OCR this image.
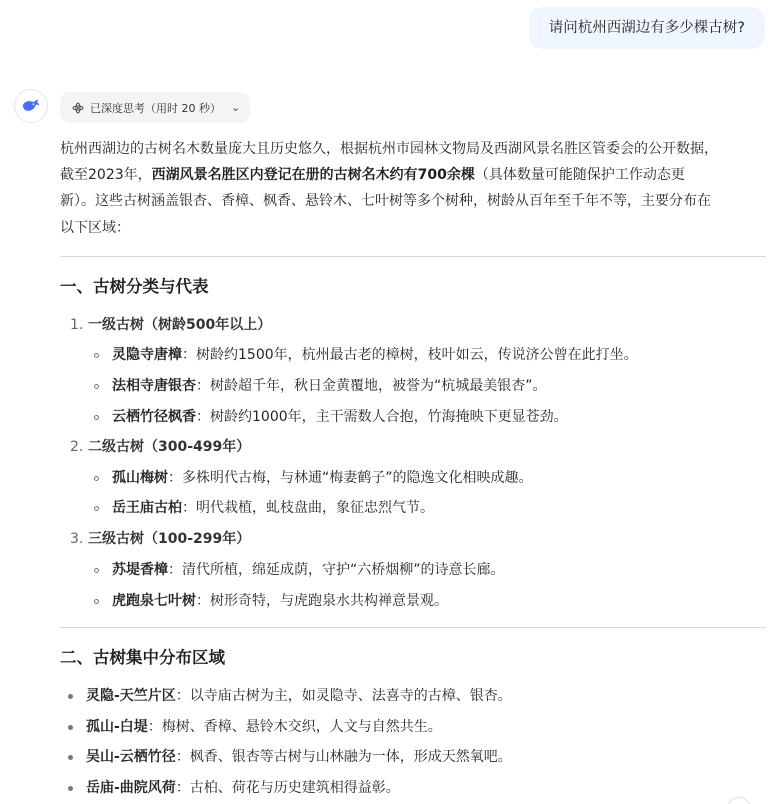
请问杭州西湖边有多少棵古树?
已深度思考（用时 20 秒） ⌄
杭州西湖边的古树名木数量庞大且历史悠久，根据杭州市园林文物局及西湖风景名胜区管委会的公开数据，
截至2023年，西湖风景名胜区内登记在册的古树名木约有700余棵（具体数量可能随保护工作动态更
新）。这些古树涵盖银杏、香樟、枫香、悬铃木、七叶树等多个树种，树龄从百年至千年不等，主要分布在
以下区域：
一、古树分类与代表
1. 一级古树（树龄500年以上）
灵隐寺唐樟 ：树龄约1500年，杭州最古老的樟树，枝叶如云，传说济公曾在此打坐。
法相寺唐银杏 ：树龄超千年，秋日金黄覆地，被誉为“杭城最美银杏”。
云栖竹径枫香 ：树龄约1000年，主干需数人合抱，竹海掩映下更显苍劲。
2. 二级古树（300-499年）
孤山梅树 ：多株明代古梅，与林逋“梅妻鹤子”的隐逸文化相映成趣。
岳王庙古柏 ：明代栽植，虬枝盘曲，象征忠烈气节。
3. 三级古树（100-299年）
苏堤香樟 ：清代所植，绵延成荫，守护“六桥烟柳”的诗意长廊。
虎跑泉七叶树 ：树形奇特，与虎跑泉水共构禅意景观。
二、古树集中分布区域
灵隐-天竺片区 ：以寺庙古树为主，如灵隐寺、法喜寺的古樟、银杏。
孤山-白堤 ：梅树、香樟、悬铃木交织，人文与自然共生。
吴山-云栖竹径 ：枫香、银杏等古树与山林融为一体，形成天然氧吧。
岳庙-曲院风荷 ：古柏、荷花与历史建筑相得益彰。
